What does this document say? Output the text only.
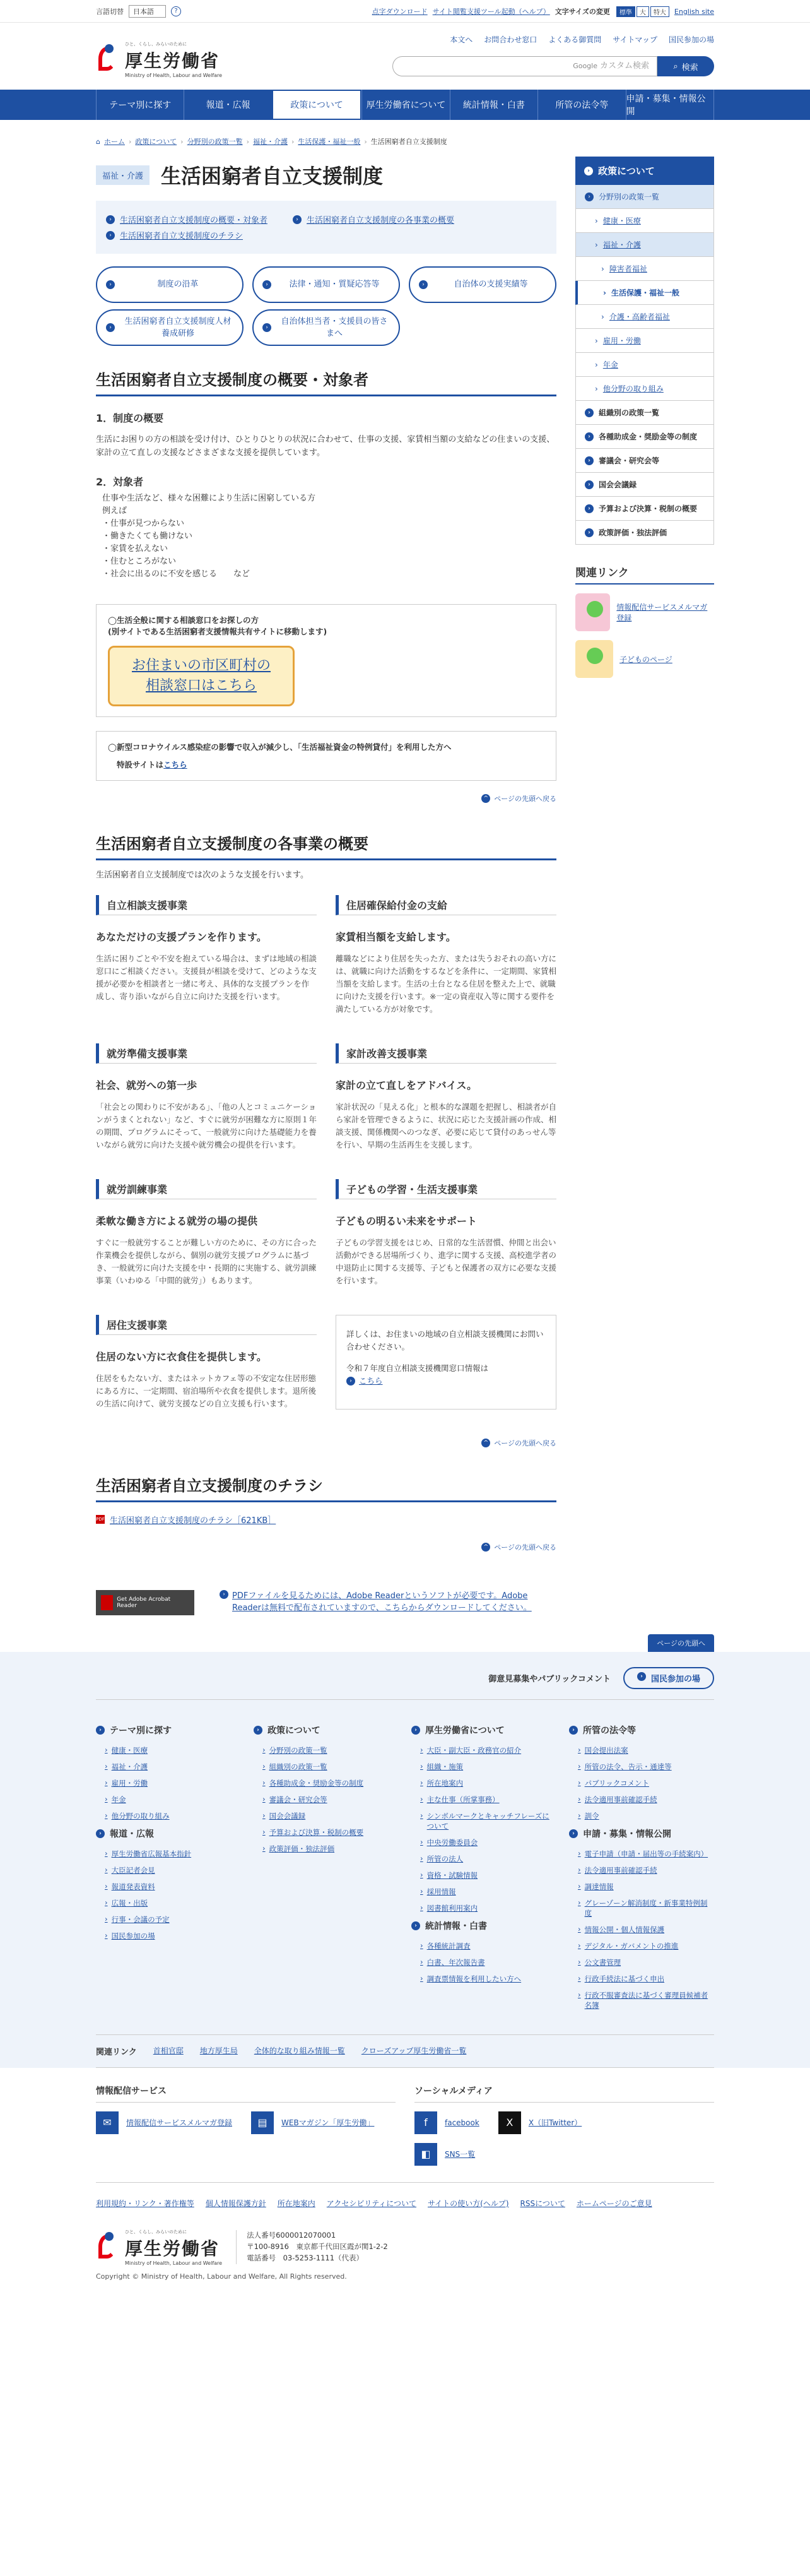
言語切替	日本語	?	点字ダウンロード サイト閲覧支援ツール起動（ヘルプ） 文字サイズの変更	標準 大 特大	English site
ひと、くらし、みらいのために
厚生労働省
Ministry of Health, Labour and Welfare
本文へ お問合わせ窓口 よくある御質問 サイトマップ 国民参加の場
Google カスタム検索	⌕ 検索
テーマ別に探す	報道・広報	政策について	厚生労働省について	統計情報・白書	所管の法令等
申請・募集・情報公開
⌂ ホーム › 政策について › 分野別の政策一覧 › 福祉・介護 › 生活保護・福祉一般 › 生活困窮者自立支援制度
福祉・介護 生活困窮者自立支援制度
›	生活困窮者自立支援制度の概要・対象者	›	生活困窮者自立支援制度の各事業の概要
›	生活困窮者自立支援制度のチラシ
›	制度の沿革	›	法律・通知・質疑応答等	›	自治体の支援実績等
›
生活困窮者自立支援制度人材養成研修
›
自治体担当者・支援員の皆さまへ
生活困窮者自立支援制度の概要・対象者
1．制度の概要

生活にお困りの方の相談を受け付け、ひとりひとりの状況に合わせて、仕事の支援、家賃相当額の支給などの住まいの支援、家計の立て直しの支援などさまざまな支援を提供しています。

2．対象者
仕事や生活など、様々な困難により生活に困窮している方
例えば
・仕事が見つからない
・働きたくても働けない
・家賃を払えない
・住むところがない
・社会に出るのに不安を感じる　　など
◯生活全般に関する相談窓口をお探しの方
(別サイトである生活困窮者支援情報共有サイトに移動します)
お住まいの市区町村の
相談窓口はこちら
◯新型コロナウイルス感染症の影響で収入が減少し、「生活福祉資金の特例貸付」を利用した方へ
特設サイトはこちら
^ ページの先頭へ戻る
生活困窮者自立支援制度の各事業の概要

生活困窮者自立支援制度では次のような支援を行います。

自立相談支援事業
あなただけの支援プランを作ります。
生活に困りごとや不安を抱えている場合は、まずは地域の相談窓口にご相談ください。支援員が相談を受けて、どのような支援が必要かを相談者と一緒に考え、具体的な支援プランを作成し、寄り添いながら自立に向けた支援を行います。
住居確保給付金の支給
家賃相当額を支給します。
離職などにより住居を失った方、または失うおそれの高い方には、就職に向けた活動をするなどを条件に、一定期間、家賃相当額を支給します。生活の土台となる住居を整えた上で、就職に向けた支援を行います。※一定の資産収入等に関する要件を満たしている方が対象です。
就労準備支援事業
社会、就労への第一歩
「社会との関わりに不安がある」、「他の人とコミュニケーションがうまくとれない」など、すぐに就労が困難な方に原則１年の期間、プログラムにそって、一般就労に向けた基礎能力を養いながら就労に向けた支援や就労機会の提供を行います。
家計改善支援事業
家計の立て直しをアドバイス。
家計状況の「見える化」と根本的な課題を把握し、相談者が自ら家計を管理できるように、状況に応じた支援計画の作成、相談支援、関係機関へのつなぎ、必要に応じて貸付のあっせん等を行い、早期の生活再生を支援します。
就労訓練事業
柔軟な働き方による就労の場の提供
すぐに一般就労することが難しい方のために、その方に合った作業機会を提供しながら、個別の就労支援プログラムに基づき、一般就労に向けた支援を中・長期的に実施する、就労訓練事業（いわゆる「中間的就労」）もあります。
子どもの学習・生活支援事業
子どもの明るい未来をサポート
子どもの学習支援をはじめ、日常的な生活習慣、仲間と出会い活動ができる居場所づくり、進学に関する支援、高校進学者の中退防止に関する支援等、子どもと保護者の双方に必要な支援を行います。
居住支援事業
住居のない方に衣食住を提供します。
住居をもたない方、またはネットカフェ等の不安定な住居形態にある方に、一定期間、宿泊場所や衣食を提供します。退所後の生活に向けて、就労支援などの自立支援も行います。
詳しくは、お住まいの地域の自立相談支援機関にお問い合わせください。
令和７年度自立相談支援機関窓口情報は
› こちら
^ ページの先頭へ戻る
生活困窮者自立支援制度のチラシ
PDF 生活困窮者自立支援制度のチラシ［621KB］
^ ページの先頭へ戻る
Get Adobe Acrobat Reader
› PDFファイルを見るためには、Adobe Readerというソフトが必要です。Adobe Readerは無料で配布されていますので、こちらからダウンロードしてください。
› 政策について
›	分野別の政策一覧
› 健康・医療
› 福祉・介護
› 障害者福祉
› 生活保護・福祉一般
› 介護・高齢者福祉
› 雇用・労働
› 年金
› 他分野の取り組み
›	組織別の政策一覧
›	各種助成金・奨励金等の制度
›	審議会・研究会等
›	国会会議録
›	予算および決算・税制の概要
›	政策評価・独法評価
関連リンク
情報配信サービスメルマガ登録
子どものページ
ページの先頭へ
御意見募集やパブリックコメント	›	国民参加の場
› テーマ別に探す
› 健康・医療
› 福祉・介護
› 雇用・労働
› 年金
› 他分野の取り組み
› 報道・広報
› 厚生労働省広報基本指針
› 大臣記者会見
› 報道発表資料
› 広報・出版
› 行事・会議の予定
› 国民参加の場
› 政策について
› 分野別の政策一覧
› 組織別の政策一覧
› 各種助成金・奨励金等の制度
› 審議会・研究会等
› 国会会議録
› 予算および決算・税制の概要
› 政策評価・独法評価
› 厚生労働省について
› 大臣・副大臣・政務官の紹介
› 組織・施策
› 所在地案内
› 主な仕事（所掌事務）
› シンボルマークとキャッチフレーズについて
› 中央労働委員会
› 所管の法人
› 資格・試験情報
› 採用情報
› 図書館利用案内
› 統計情報・白書
› 各種統計調査
› 白書、年次報告書
› 調査票情報を利用したい方へ
› 所管の法令等
› 国会提出法案
› 所管の法令、告示・通達等
› パブリックコメント
› 法令適用事前確認手続
› 訓令
› 申請・募集・情報公開
› 電子申請（申請・届出等の手続案内）
› 法令適用事前確認手続
› 調達情報
› グレーゾーン解消制度・新事業特例制度
› 情報公開・個人情報保護
› デジタル・ガバメントの推進
› 公文書管理
› 行政手続法に基づく申出
› 行政不服審査法に基づく審理員候補者名簿
関連リンク 首相官邸 地方厚生局 全体的な取り組み情報一覧 クローズアップ厚生労働省一覧
情報配信サービス
✉	情報配信サービスメルマガ登録	▤	WEBマガジン「厚生労働」
ソーシャルメディア
f	facebook	X	X（旧Twitter）
◧	SNS一覧
利用規約・リンク・著作権等 個人情報保護方針 所在地案内 アクセシビリティについて サイトの使い方(ヘルプ) RSSについて ホームページのご意見
ひと、くらし、みらいのために
厚生労働省
Ministry of Health, Labour and Welfare
法人番号6000012070001
〒100-8916　東京都千代田区霞が関1-2-2
電話番号　03-5253-1111（代表）
Copyright © Ministry of Health, Labour and Welfare, All Rights reserved.
